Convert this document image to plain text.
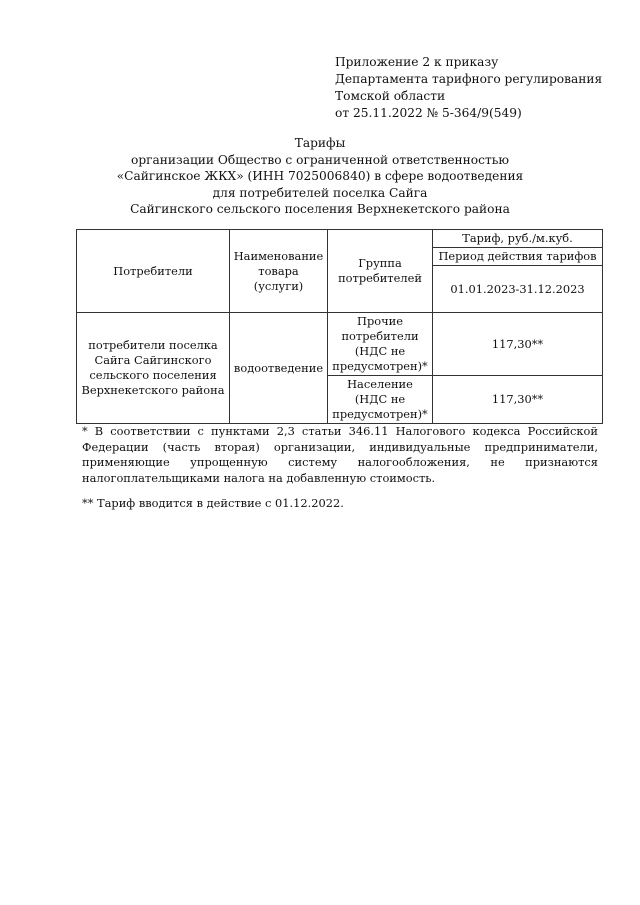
Приложение 2 к приказу
Департамента тарифного регулирования
Томской области
от 25.11.2022 № 5-364/9(549)
Тарифы
организации Общество с ограниченной ответственностью
«Сайгинское ЖКХ» (ИНН 7025006840) в сфере водоотведения
для потребителей поселка Сайга
Сайгинского сельского поселения Верхнекетского района
Потребители	Наименование товара (услуги)	Группа потребителей	Тариф, руб./м.куб.
			Период действия тарифов
			01.01.2023-31.12.2023
потребители поселка Сайга Сайгинского сельского поселения Верхнекетского района	водоотведение	Прочие потребители (НДС не предусмотрен)*	117,30**
		Население (НДС не предусмотрен)*	117,30**

* В соответствии с пунктами 2,3 статьи 346.11 Налогового кодекса Российской Федерации (часть вторая) организации, индивидуальные предприниматели, применяющие упрощенную систему налогообложения, не признаются налогоплательщиками налога на добавленную стоимость.

** Тариф вводится в действие с 01.12.2022.
